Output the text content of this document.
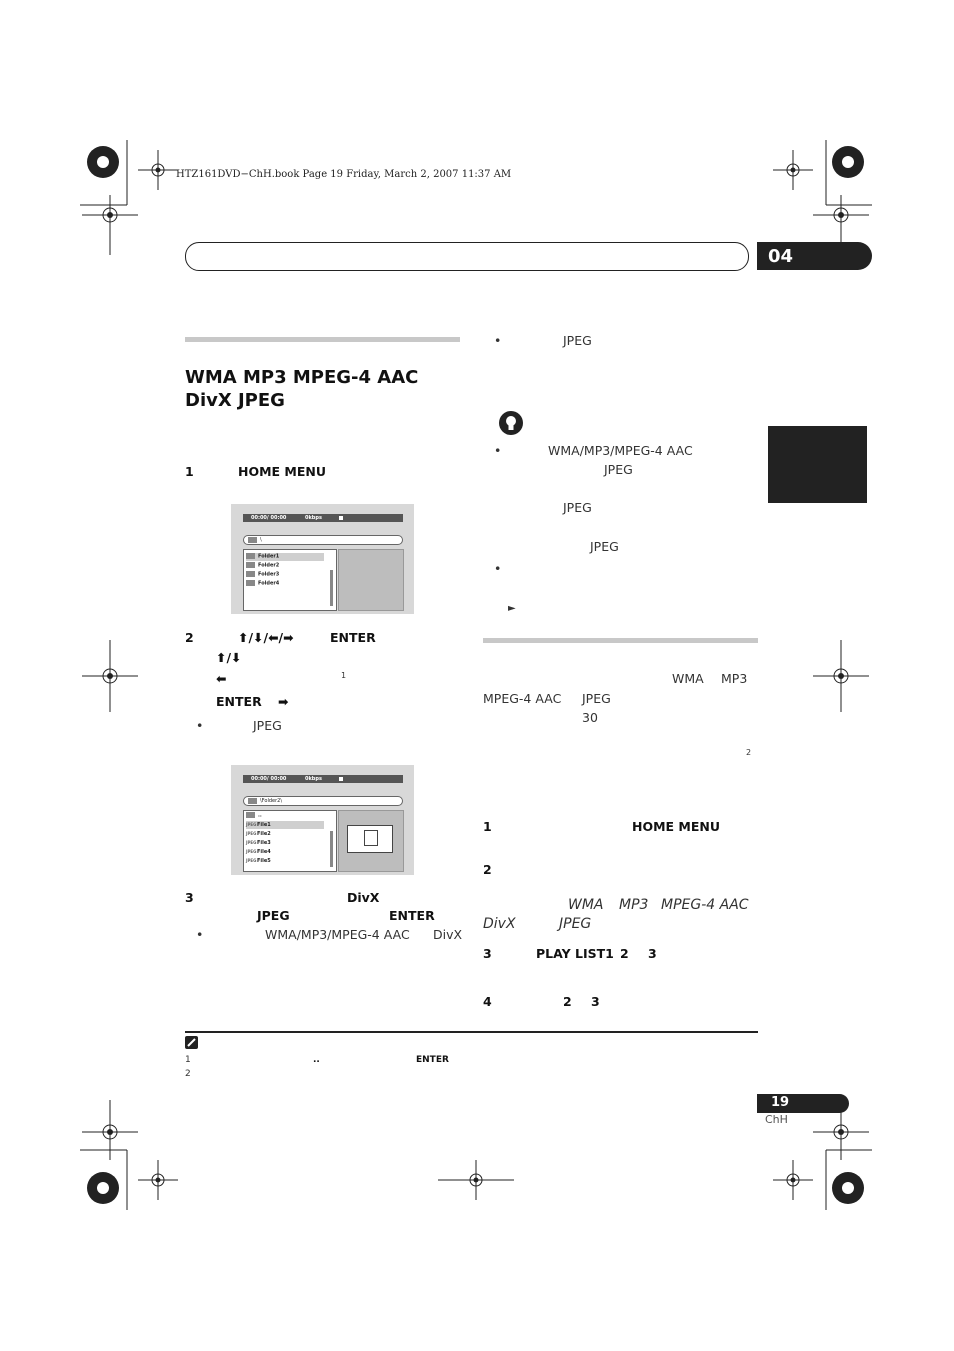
HTZ161DVD−ChH.book Page 19 Friday, March 2, 2007 11:37 AM
04
WMA MP3 MPEG-4 AAC
DivX JPEG
1	HOME MENU
00:00/ 00:00	0kbps
\
Folder1
Folder2
Folder3
Folder4
2	⬆/⬇/⬅/➡	ENTER
⬆/⬇
⬅	1
ENTER ➡
•	JPEG
00:00/ 00:00	0kbps
\Folder2\
..
JPEGFile1
JPEGFile2
JPEGFile3
JPEGFile4
JPEGFile5
3	DivX
JPEG	ENTER
•	WMA/MP3/MPEG-4 AAC DivX
•	JPEG
•	WMA/MP3/MPEG-4 AAC
JPEG
JPEG
JPEG
•
►
WMA MP3
MPEG-4 AAC JPEG
30
2
1	HOME MENU
2
WMA MP3 MPEG-4 AAC
DivX	JPEG
3	PLAY LIST1 2 3
4	2 3
1	..	ENTER
2
19
ChH
